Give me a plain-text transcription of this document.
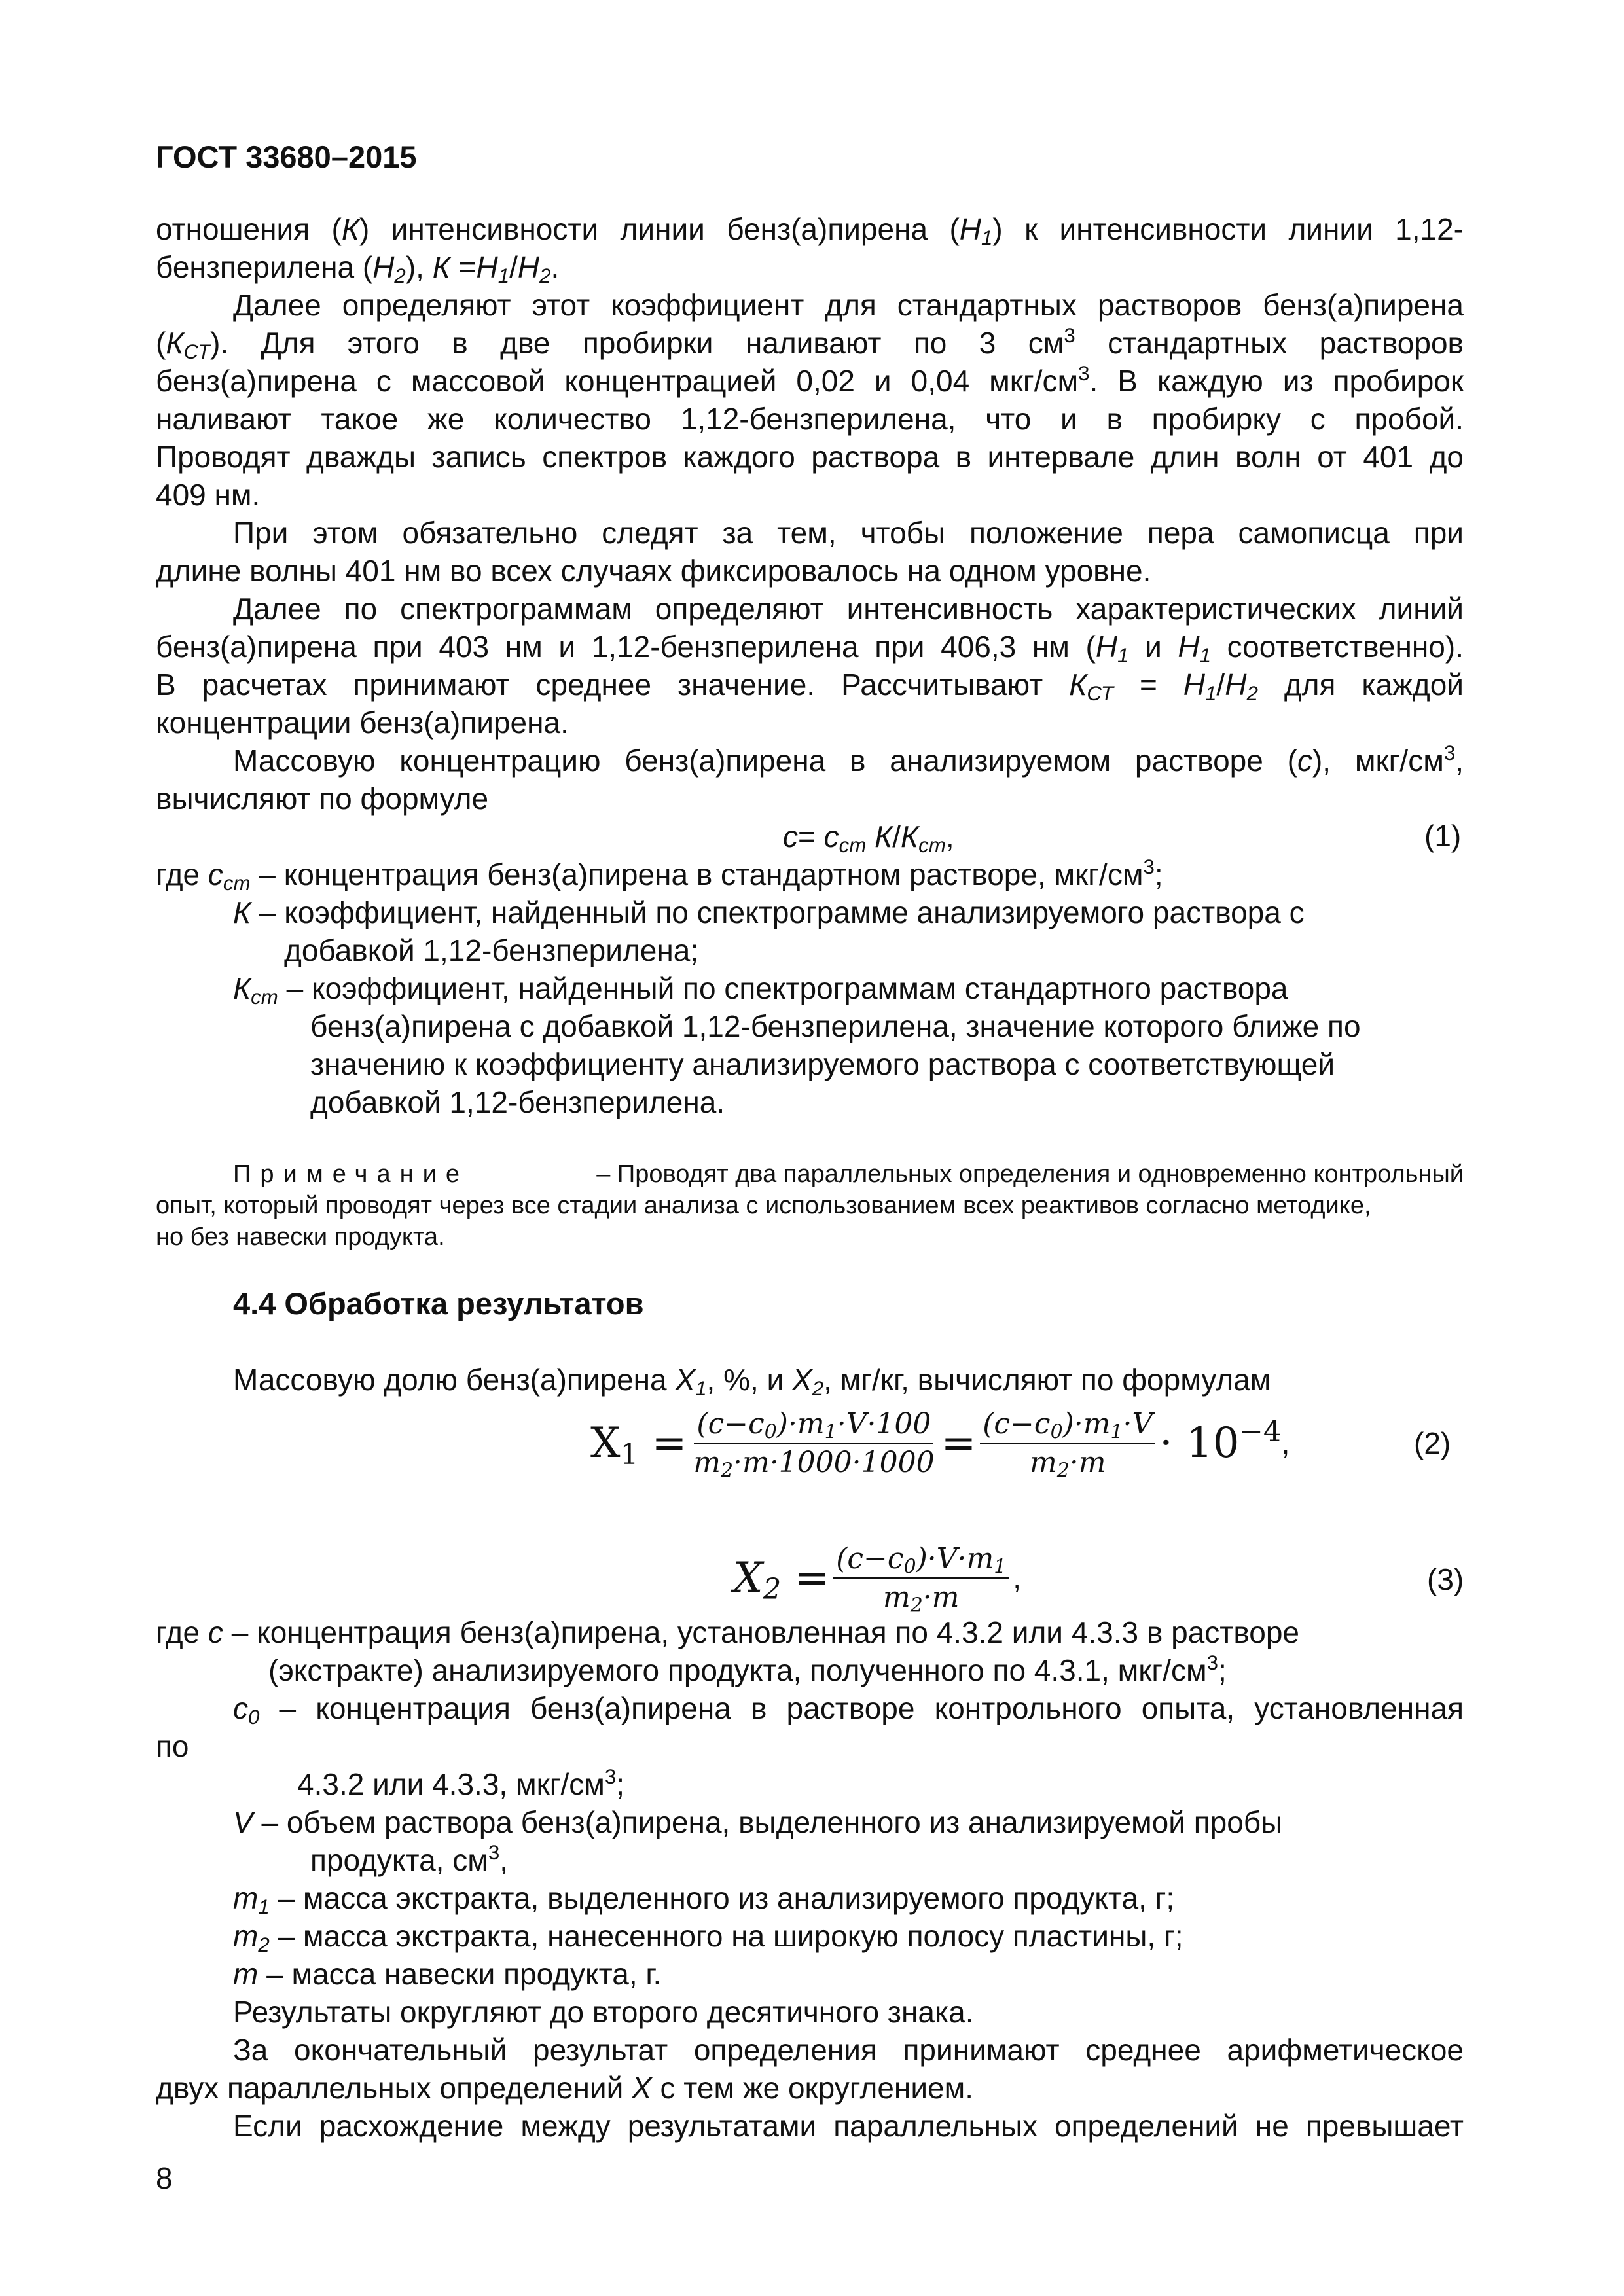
ГОСТ 33680–2015
отношения (К) интенсивности линии бенз(а)пирена $(Н_1)$ к интенсивности линии 1,12-
бензперилена $(Н_2)$, $К =Н_1/Н_2$.
Далее определяют этот коэффициент для стандартных растворов бенз(а)пирена
$(К_{СТ})$. Для этого в две пробирки наливают по 3 $см^3$ стандартных растворов
бенз(а)пирена с массовой концентрацией 0,02 и 0,04 мкг/$см^3$. В каждую из пробирок
наливают такое же количество 1,12-бензперилена, что и в пробирку с пробой.
Проводят дважды запись спектров каждого раствора в интервале длин волн от 401 до
409 нм.
При этом обязательно следят за тем, чтобы положение пера самописца при
длине волны 401 нм во всех случаях фиксировалось на одном уровне.
Далее по спектрограммам определяют интенсивность характеристических линий
бенз(а)пирена при 403 нм и 1,12-бензперилена при 406,3 нм ($Н_1$ и $Н_1$ соответственно).
В расчетах принимают среднее значение. Рассчитывают $К_{СТ} = Н_1/Н_2$ для каждой
концентрации бенз(а)пирена.
Массовую концентрацию бенз(а)пирена в анализируемом растворе (с), мкг/$см^3$,
вычисляют по формуле
$с= с_{ст}$ $К/К_{ст}$,	(1)
где $с_{ст}$ – концентрация бенз(а)пирена в стандартном растворе, мкг/$см^3$;
К – коэффициент, найденный по спектрограмме анализируемого раствора с
добавкой 1,12-бензперилена;
$К_{ст}$ – коэффициент, найденный по спектрограммам стандартного раствора
бенз(а)пирена с добавкой 1,12-бензперилена, значение которого ближе по
значению к коэффициенту анализируемого раствора с соответствующей
добавкой 1,12-бензперилена.
Примечание	– Проводят два параллельных определения и одновременно контрольный
опыт, который проводят через все стадии анализа с использованием всех реактивов согласно методике,
но без навески продукта.
4.4 Обработка результатов
Массовую долю бенз(а)пирена $Х_1$, %, и $Х_2$, мг/кг, вычисляют по формулам
$X_1 = \frac{(c-c_0)\cdot m_1\cdot V\cdot 100}{m_2\cdot m\cdot 1000\cdot 1000} = \frac{(c-c_0)\cdot m_1\cdot V}{m_2\cdot m} \cdot 10^{-4}$ ,	(2)
$X_2 = \frac{(c-c_0)\cdot V\cdot m_1}{m_2\cdot m}$ ,	(3)
где с – концентрация бенз(а)пирена, установленная по 4.3.2 или 4.3.3 в растворе
(экстракте) анализируемого продукта, полученного по 4.3.1, мкг/$см^3$;
$с_0$ – концентрация бенз(а)пирена в растворе контрольного опыта, установленная
по
4.3.2 или 4.3.3, мкг/$см^3$;
V – объем раствора бенз(а)пирена, выделенного из анализируемой пробы
продукта, $см^3$,
$m_1$ – масса экстракта, выделенного из анализируемого продукта, г;
$m_2$ – масса экстракта, нанесенного на широкую полосу пластины, г;
m – масса навески продукта, г.
Результаты округляют до второго десятичного знака.
За окончательный результат определения принимают среднее арифметическое
двух параллельных определений Х с тем же округлением.
Если расхождение между результатами параллельных определений не превышает
8
